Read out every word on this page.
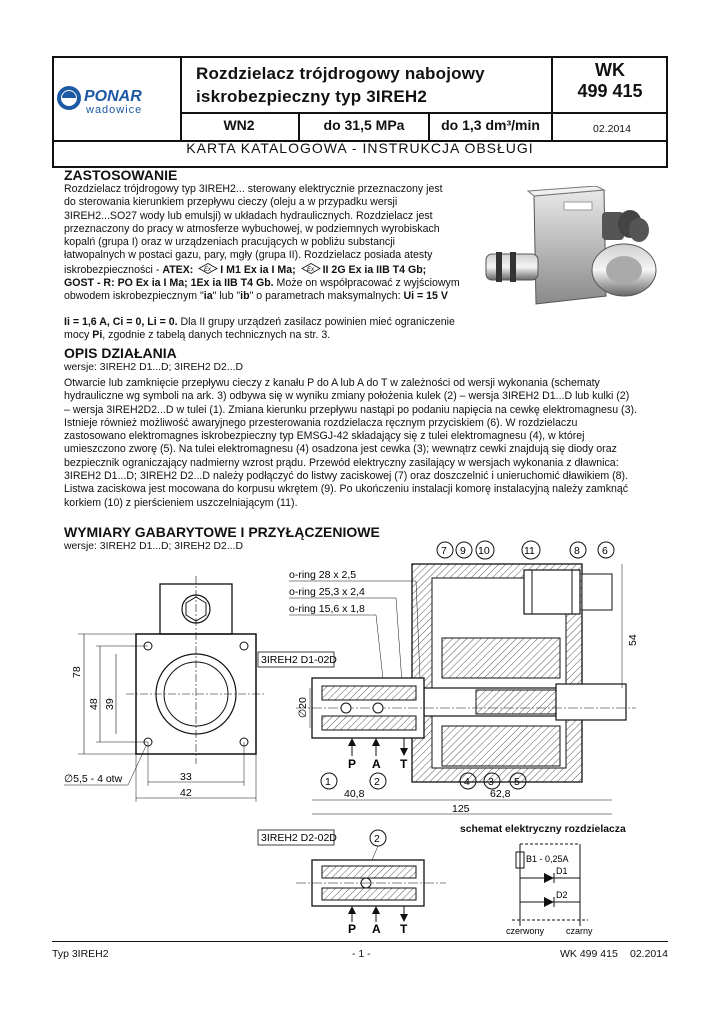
PONAR
wadowice
Rozdzielacz trójdrogowy nabojowy
iskrobezpieczny typ 3IREH2
WK
499 415
WN2	do 31,5 MPa	do 1,3 dm³/min	02.2014
KARTA KATALOGOWA - INSTRUKCJA OBSŁUGI
ZASTOSOWANIE
Rozdzielacz trójdrogowy typ 3IREH2... sterowany elektrycznie przeznaczony jest
do sterowania kierunkiem przepływu cieczy (oleju a w przypadku wersji
3IREH2...SO27 wody lub emulsji) w układach hydraulicznych. Rozdzielacz jest
przeznaczony do pracy w atmosferze wybuchowej, w podziemnych wyrobiskach
kopalń (grupa I) oraz w urządzeniach pracujących w pobliżu substancji
łatwopalnych w postaci gazu, pary, mgły (grupa II). Rozdzielacz posiada atesty
iskrobezpieczności - ATEX: Ex I M1 Ex ia I Ma; Ex II 2G Ex ia IIB T4 Gb;
GOST - R: PO Ex ia I Ma; 1Ex ia IIB T4 Gb. Może on współpracować z wyjściowym
obwodem iskrobezpiecznym "ia" lub "ib" o parametrach maksymalnych: Ui = 15 V
Ii = 1,6 A, Ci = 0, Li = 0. Dla II grupy urządzeń zasilacz powinien mieć ograniczenie
mocy Pi, zgodnie z tabelą danych technicznych na str. 3.
OPIS DZIAŁANIA
wersje: 3IREH2 D1...D; 3IREH2 D2...D
Otwarcie lub zamknięcie przepływu cieczy z kanału P do A lub A do T w zależności od wersji wykonania (schematy
hydrauliczne wg symboli na ark. 3) odbywa się w wyniku zmiany położenia kulek (2) – wersja 3IREH2 D1...D lub kulki (2)
– wersja 3IREH2D2...D w tulei (1). Zmiana kierunku przepływu nastąpi po podaniu napięcia na cewkę elektromagnesu (3).
Istnieje również możliwość awaryjnego przesterowania rozdzielacza ręcznym przyciskiem (6). W rozdzielaczu
zastosowano elektromagnes iskrobezpieczny typ EMSGJ-42 składający się z tulei elektromagnesu (4), w której
umieszczono zworę (5). Na tulei elektromagnesu (4) osadzona jest cewka (3); wewnątrz cewki znajdują się diody oraz
bezpiecznik ograniczający nadmierny wzrost prądu. Przewód elektryczny zasilający w wersjach wykonania z dławnica:
3IREH2 D1...D; 3IREH2 D2...D należy podłączyć do listwy zaciskowej (7) oraz doszczelnić i unieruchomić dławikiem (8).
Listwa zaciskowa jest mocowana do korpusu wkrętem (9). Po ukończeniu instalacji komorę instalacyjną należy zamknąć
korkiem (10) z pierścieniem uszczelniającym (11).
WYMIARY GABARYTOWE I PRZYŁĄCZENIOWE
wersje: 3IREH2 D1...D; 3IREH2 D2...D
78
48 39
33
42
∅5,5 - 4 otw
7 9 10	11	8 6
o-ring 28 x 2,5
o-ring 25,3 x 2,4
o-ring 15,6 x 1,8
3IREH2 D1-02D
P A T
∅20
54
1	2	4 3 5
40,8	62,8
125
3IREH2 D2-02D	2
P A T
schemat elektryczny rozdzielacza
B1 - 0,25A
D1
D2
czerwony czarny
Typ 3IREH2	- 1 -	WK 499 415 02.2014
